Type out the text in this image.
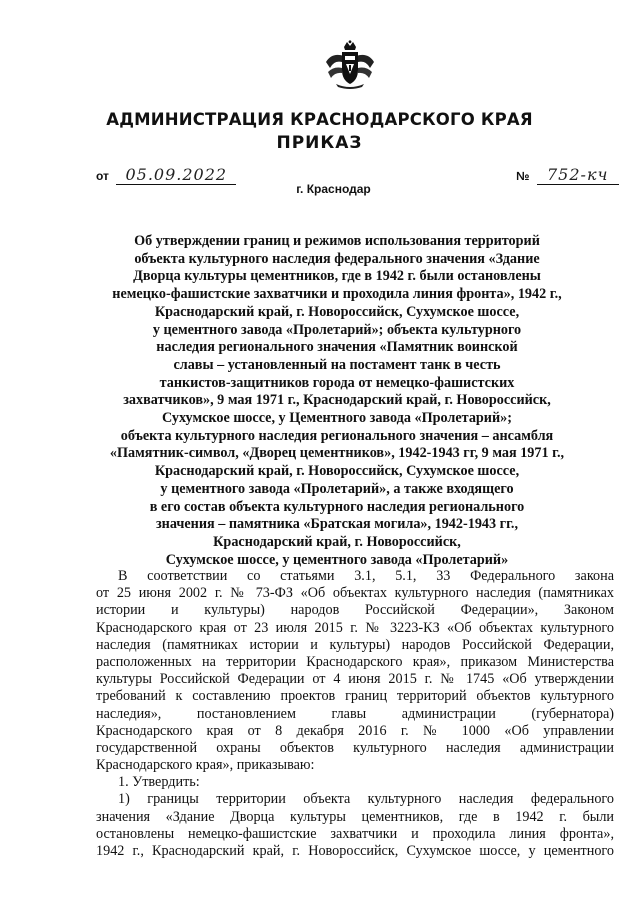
АДМИНИСТРАЦИЯ КРАСНОДАРСКОГО КРАЯ
ПРИКАЗ
от 05.09.2022	№ 752-кч
г. Краснодар
Об утверждении границ и режимов использования территорий
объекта культурного наследия федерального значения «Здание
Дворца культуры цементников, где в 1942 г. были остановлены
немецко-фашистские захватчики и проходила линия фронта», 1942 г.,
Краснодарский край, г. Новороссийск, Сухумское шоссе,
у цементного завода «Пролетарий»; объекта культурного
наследия регионального значения «Памятник воинской
славы – установленный на постамент танк в честь
танкистов-защитников города от немецко-фашистских
захватчиков», 9 мая 1971 г., Краснодарский край, г. Новороссийск,
Сухумское шоссе, у Цементного завода «Пролетарий»;
объекта культурного наследия регионального значения – ансамбля
«Памятник-символ, «Дворец цементников», 1942-1943 гг, 9 мая 1971 г.,
Краснодарский край, г. Новороссийск, Сухумское шоссе,
у цементного завода «Пролетарий», а также входящего
в его состав объекта культурного наследия регионального
значения – памятника «Братская могила», 1942-1943 гг.,
Краснодарский край, г. Новороссийск,
Сухумское шоссе, у цементного завода «Пролетарий»
В соответствии со статьями 3.1, 5.1, 33 Федерального закона
от 25 июня 2002 г. № 73-ФЗ «Об объектах культурного наследия (памятниках
истории и культуры) народов Российской Федерации», Законом
Краснодарского края от 23 июля 2015 г. № 3223-КЗ «Об объектах культурного
наследия (памятниках истории и культуры) народов Российской Федерации,
расположенных на территории Краснодарского края», приказом Министерства
культуры Российской Федерации от 4 июня 2015 г. № 1745 «Об утверждении
требований к составлению проектов границ территорий объектов культурного
наследия», постановлением главы администрации (губернатора)
Краснодарского края от 8 декабря 2016 г. № 1000 «Об управлении
государственной охраны объектов культурного наследия администрации
Краснодарского края», приказываю:
1. Утвердить:
1) границы территории объекта культурного наследия федерального
значения «Здание Дворца культуры цементников, где в 1942 г. были
остановлены немецко-фашистские захватчики и проходила линия фронта»,
1942 г., Краснодарский край, г. Новороссийск, Сухумское шоссе, у цементного
